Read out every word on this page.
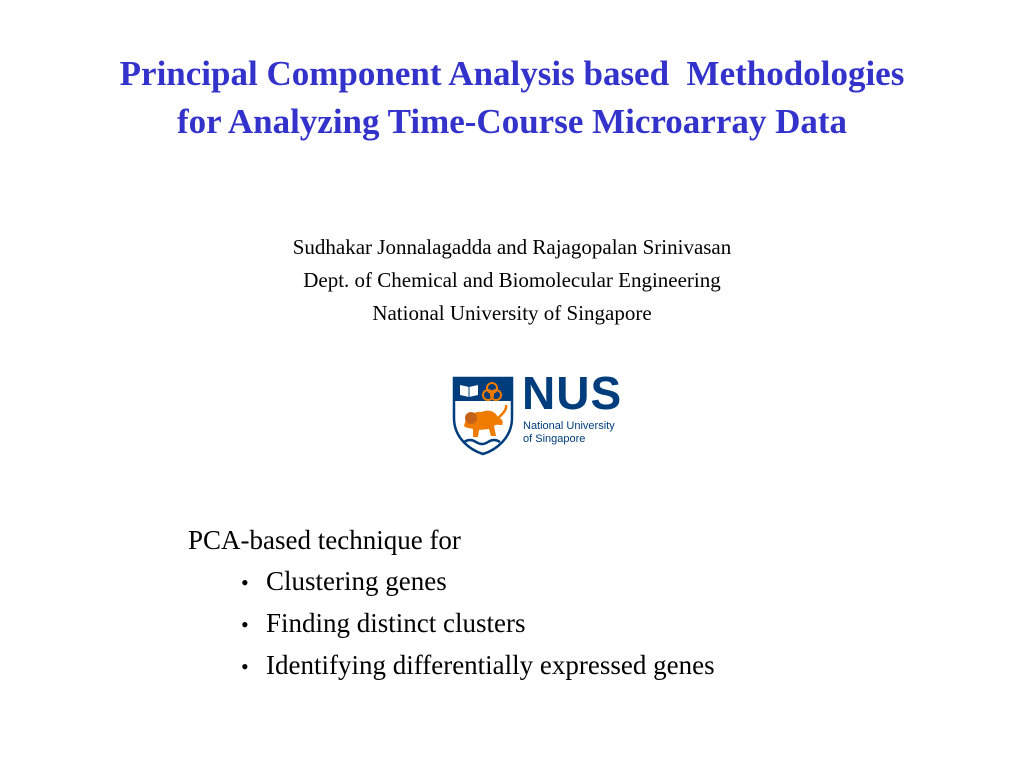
Principal Component Analysis based  Methodologies
for Analyzing Time-Course Microarray Data
Sudhakar Jonnalagadda and Rajagopalan Srinivasan
Dept. of Chemical and Biomolecular Engineering
National University of Singapore
NUS
National University
of Singapore
PCA-based technique for
• Clustering genes
• Finding distinct clusters
• Identifying differentially expressed genes
